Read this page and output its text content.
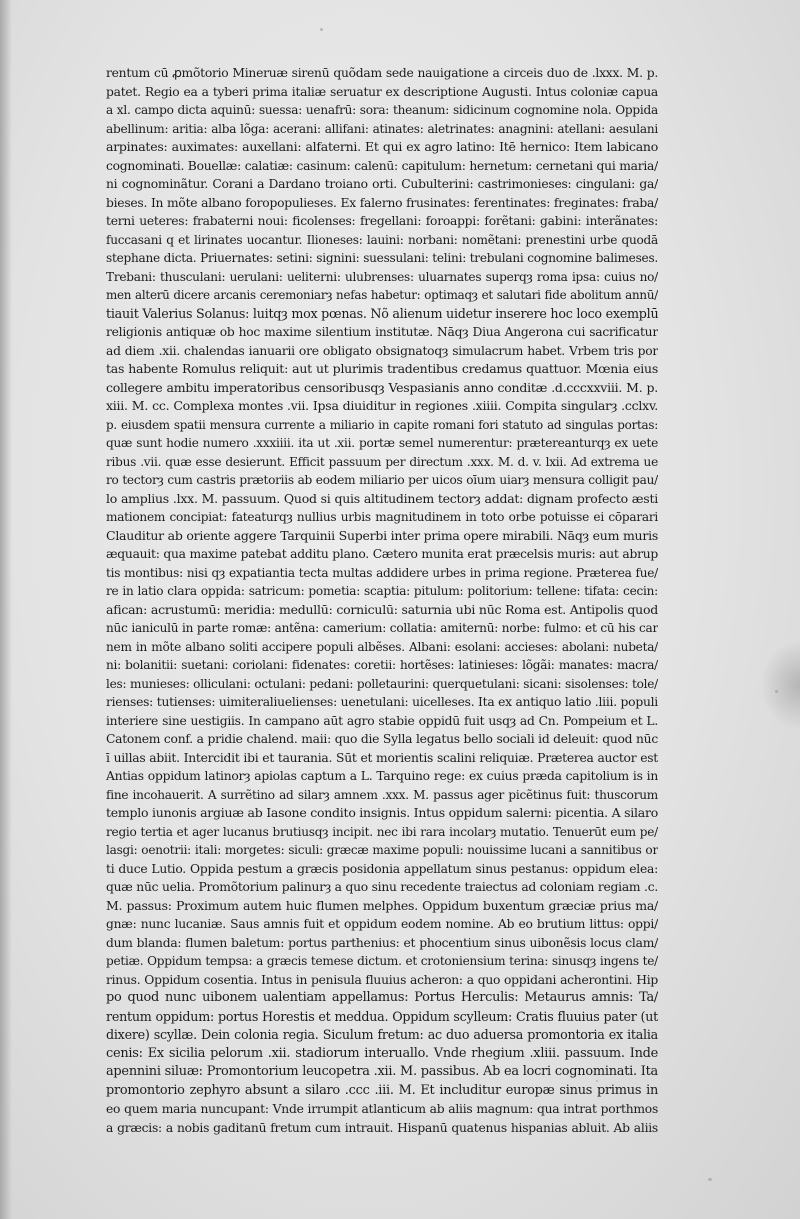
rentum cū ꝓmõtorio Mineruæ sirenū quõdam sede nauigatione a circeis duo de .lxxx. M. p.
patet. Regio ea a tyberi prima italiæ seruatur ex descriptione Augusti. Intus coloniæ capua
a xl. campo dicta aquinū: suessa: uenafrū: sora: theanum: sidicinum cognomine nola. Oppida
abellinum: aritia: alba lõga: acerani: allifani: atinates: aletrinates: anagnini: atellani: aesulani
arpinates: auximates: auxellani: alfaterni. Et qui ex agro latino: Itē hernico: Item labicano
cognominati. Bouellæ: calatiæ: casinum: calenū: capitulum: hernetum: cernetani qui maria/
ni cognominãtur. Corani a Dardano troiano orti. Cubulterini: castrimonieses: cingulani: ga/
bieses. In mõte albano foropopulieses. Ex falerno frusinates: ferentinates: freginates: fraba/
terni ueteres: frabaterni noui: ficolenses: fregellani: foroappi: forẽtani: gabini: interãnates:
fuccasani q et lirinates uocantur. Ilioneses: lauini: norbani: nomẽtani: prenestini urbe quodā
stephane dicta. Priuernates: setini: signini: suessulani: telini: trebulani cognomine balimeses.
Trebani: thusculani: uerulani: ueliterni: ulubrenses: uluarnates superqȝ roma ipsa: cuius no/
men alterū dicere arcanis ceremoniarȝ nefas habetur: optimaqȝ et salutari fide abolitum annū/
tiauit Valerius Solanus: luitqȝ mox pœnas. Nõ alienum uidetur inserere hoc loco exemplū
religionis antiquæ ob hoc maxime silentium institutæ. Nāqȝ Diua Angerona cui sacrificatur
ad diem .xii. chalendas ianuarii ore obligato obsignatoqȝ simulacrum habet. Vrbem tris por
tas habente Romulus reliquit: aut ut plurimis tradentibus credamus quattuor. Mœnia eius
collegere ambitu imperatoribus censoribusqȝ Vespasianis anno conditæ .d.cccxxviii. M. p.
xiii. M. cc. Complexa montes .vii. Ipsa diuiditur in regiones .xiiii. Compita singularȝ .cclxv.
p. eiusdem spatii mensura currente a miliario in capite romani fori statuto ad singulas portas:
quæ sunt hodie numero .xxxiiii. ita ut .xii. portæ semel numerentur: prætereanturqȝ ex uete
ribus .vii. quæ esse desierunt. Efficit passuum per directum .xxx. M. d. v. lxii. Ad extrema ue
ro tectorȝ cum castris prætoriis ab eodem miliario per uicos oīum uiarȝ mensura colligit pau/
lo amplius .lxx. M. passuum. Quod si quis altitudinem tectorȝ addat: dignam profecto æsti
mationem concipiat: fateaturqȝ nullius urbis magnitudinem in toto orbe potuisse ei cōparari
Clauditur ab oriente aggere Tarquinii Superbi inter prima opere mirabili. Nāqȝ eum muris
æquauit: qua maxime patebat additu plano. Cætero munita erat præcelsis muris: aut abrup
tis montibus: nisi qȝ expatiantia tecta multas addidere urbes in prima regione. Præterea fue/
re in latio clara oppida: satricum: pometia: scaptia: pitulum: politorium: tellene: tifata: cecin:
afican: acrustumū: meridia: medullū: corniculū: saturnia ubi nūc Roma est. Antipolis quod
nūc ianiculū in parte romæ: antẽna: camerium: collatia: amiternū: norbe: fulmo: et cū his car
nem in mõte albano soliti accipere populi albẽses. Albani: esolani: accieses: abolani: nubeta/
ni: bolanitii: suetani: coriolani: fidenates: coretii: hortẽses: latinieses: lõgãi: manates: macra/
les: munieses: olliculani: octulani: pedani: polletaurini: querquetulani: sicani: sisolenses: tole/
rienses: tutienses: uimiteraliuelienses: uenetulani: uicelleses. Ita ex antiquo latio .liii. populi
interiere sine uestigiis. In campano aūt agro stabie oppidū fuit usqȝ ad Cn. Pompeium et L.
Catonem conf. a pridie chalend. maii: quo die Sylla legatus bello sociali id deleuit: quod nūc
ī uillas abiit. Intercidit ibi et taurania. Sūt et morientis scalini reliquiæ. Præterea auctor est
Antias oppidum latinorȝ apiolas captum a L. Tarquino rege: ex cuius præda capitolium is in
fine incohauerit. A surrẽtino ad silarȝ amnem .xxx. M. passus ager picẽtinus fuit: thuscorum
templo iunonis argiuæ ab Iasone condito insignis. Intus oppidum salerni: picentia. A silaro
regio tertia et ager lucanus brutiusqȝ incipit. nec ibi rara incolarȝ mutatio. Tenuerūt eum pe/
lasgi: oenotrii: itali: morgetes: siculi: græcæ maxime populi: nouissime lucani a sannitibus or
ti duce Lutio. Oppida pestum a græcis posidonia appellatum sinus pestanus: oppidum elea:
quæ nūc uelia. Promõtorium palinurȝ a quo sinu recedente traiectus ad coloniam regiam .c.
M. passus: Proximum autem huic flumen melphes. Oppidum buxentum græciæ prius ma/
gnæ: nunc lucaniæ. Saus amnis fuit et oppidum eodem nomine. Ab eo brutium littus: oppi/
dum blanda: flumen baletum: portus parthenius: et phocentium sinus uibonẽsis locus clam/
petiæ. Oppidum tempsa: a græcis temese dictum. et crotoniensium terina: sinusqȝ ingens te/
rinus. Oppidum cosentia. Intus in penisula fluuius acheron: a quo oppidani acherontini. Hip
po quod nunc uibonem ualentiam appellamus: Portus Herculis: Metaurus amnis: Ta/
rentum oppidum: portus Horestis et meddua. Oppidum scylleum: Cratis fluuius pater (ut
dixere) scyllæ. Dein colonia regia. Siculum fretum: ac duo aduersa promontoria ex italia
cenis: Ex sicilia pelorum .xii. stadiorum interuallo. Vnde rhegium .xliii. passuum. Inde
apennini siluæ: Promontorium leucopetra .xii. M. passibus. Ab ea locri cognominati. Ita
promontorio zephyro absunt a silaro .ccc .iii. M. Et includitur europæ sinus primus in
eo quem maria nuncupant: Vnde irrumpit atlanticum ab aliis magnum: qua intrat porthmos
a græcis: a nobis gaditanū fretum cum intrauit. Hispanū quatenus hispanias abluit. Ab aliis
